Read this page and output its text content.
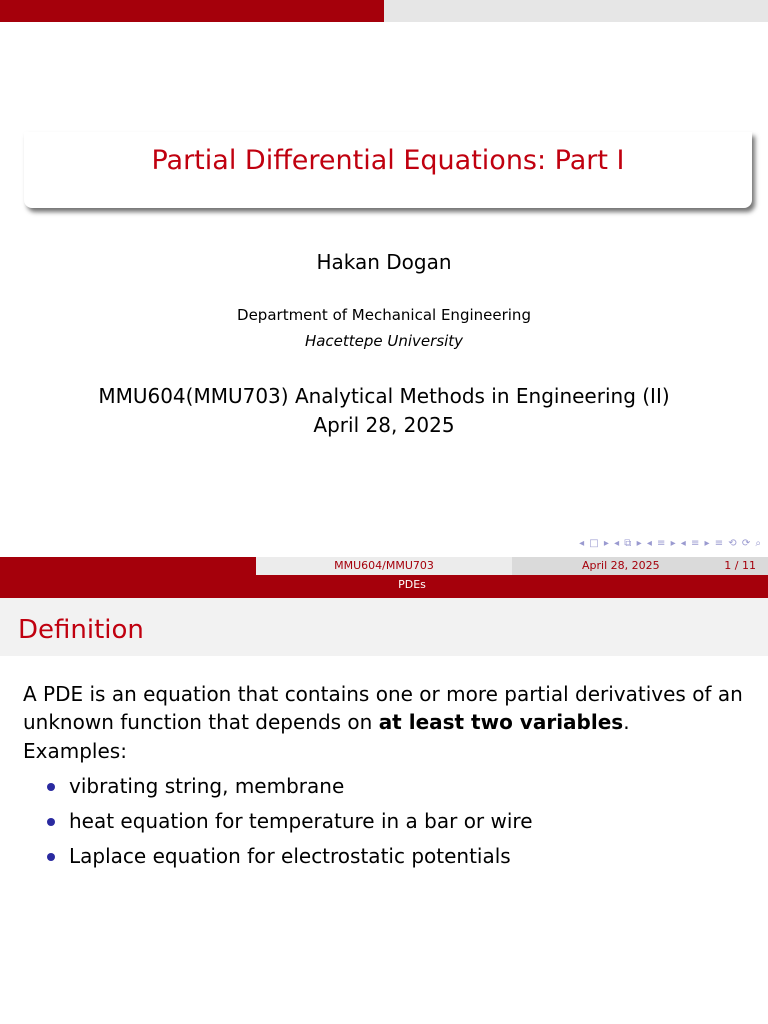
Partial Differential Equations: Part I
Hakan Dogan
Department of Mechanical Engineering
Hacettepe University
MMU604(MMU703) Analytical Methods in Engineering (II)
April 28, 2025
◂ □ ▸ ◂ ⧉ ▸ ◂ ≡ ▸ ◂ ≡ ▸ ≡ ⟲ ⟳ ⌕
MMU604/MMU703	April 28, 2025	1 / 11
PDEs
Definition
A PDE is an equation that contains one or more partial derivatives of an unknown function that depends on at least two variables.
Examples:
vibrating string, membrane
heat equation for temperature in a bar or wire
Laplace equation for electrostatic potentials
